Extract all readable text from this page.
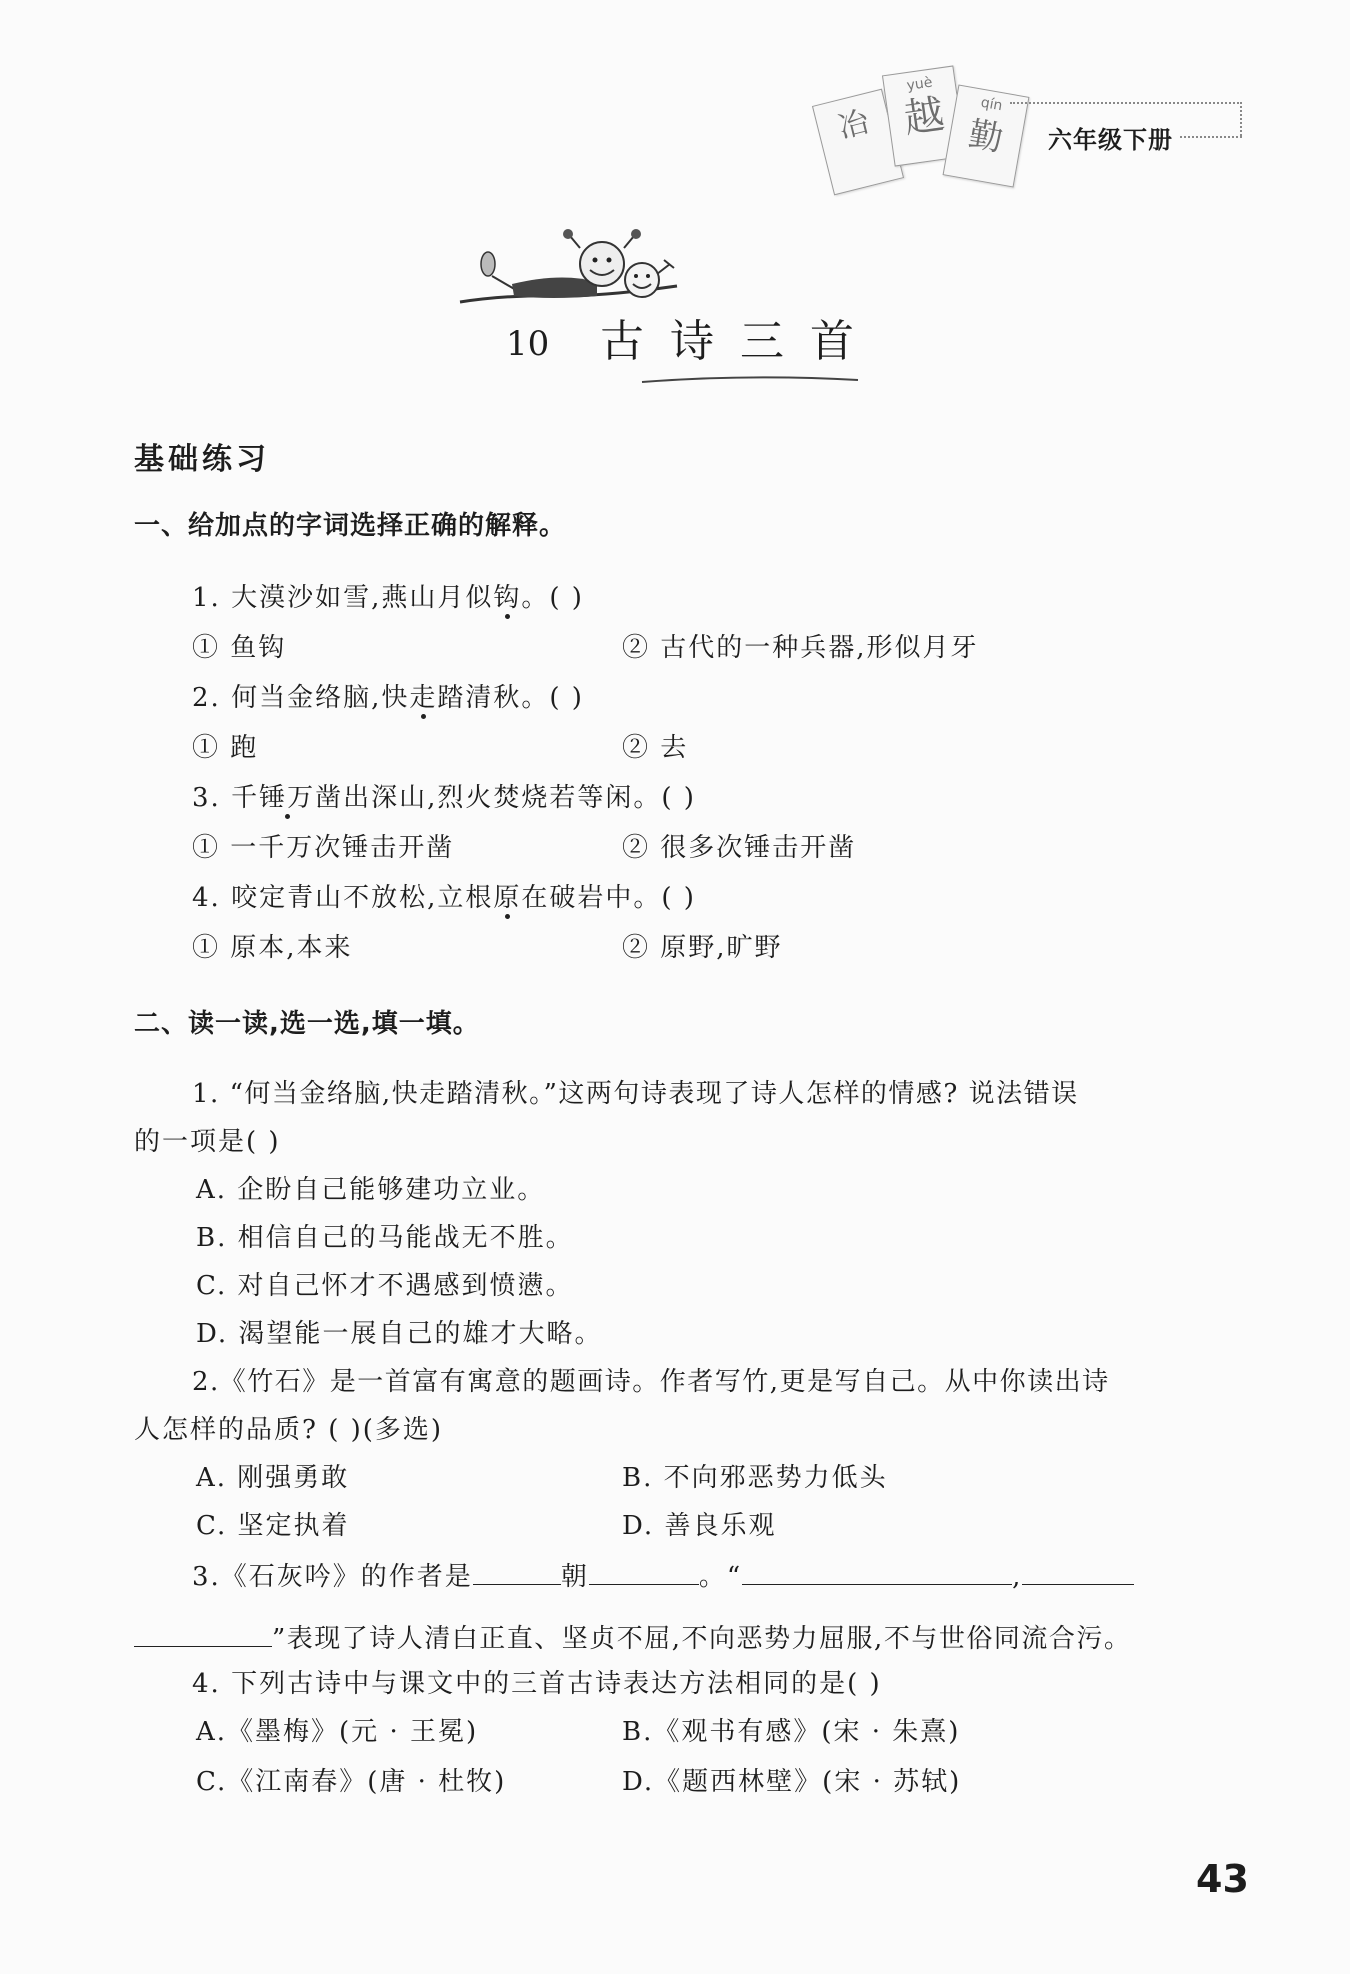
冶
yuè
越	qín
勤	六年级下册
10 古 诗 三 首
基础练习
一、给加点的字词选择正确的解释。
1. 大漠沙如雪,燕山月似钩。( )
① 鱼钩	② 古代的一种兵器,形似月牙
2. 何当金络脑,快走踏清秋。( )
① 跑	② 去
3. 千锤万凿出深山,烈火焚烧若等闲。( )
① 一千万次锤击开凿	② 很多次锤击开凿
4. 咬定青山不放松,立根原在破岩中。( )
① 原本,本来	② 原野,旷野
二、读一读,选一选,填一填。
1. “何当金络脑,快走踏清秋。”这两句诗表现了诗人怎样的情感? 说法错误
的一项是( )
A. 企盼自己能够建功立业。
B. 相信自己的马能战无不胜。
C. 对自己怀才不遇感到愤懑。
D. 渴望能一展自己的雄才大略。
2.《竹石》是一首富有寓意的题画诗。作者写竹,更是写自己。从中你读出诗
人怎样的品质? ( )(多选)
A. 刚强勇敢	B. 不向邪恶势力低头
C. 坚定执着	D. 善良乐观
3.《石灰吟》的作者是	朝	。“	,
”表现了诗人清白正直、坚贞不屈,不向恶势力屈服,不与世俗同流合污。
4. 下列古诗中与课文中的三首古诗表达方法相同的是( )
A.《墨梅》(元 · 王冕)	B.《观书有感》(宋 · 朱熹)
C.《江南春》(唐 · 杜牧)	D.《题西林壁》(宋 · 苏轼)
43
